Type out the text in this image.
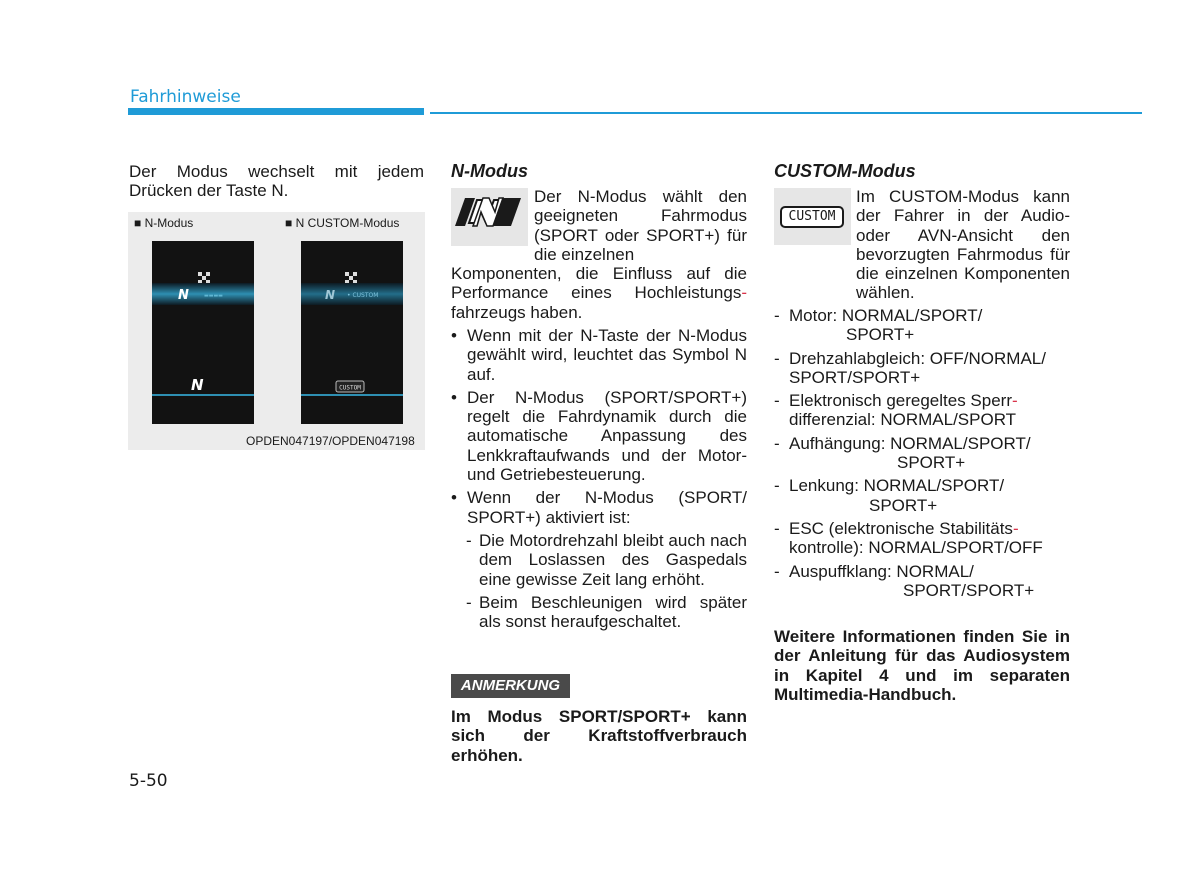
Fahrhinweise
Der Modus wechselt mit jedem Drücken der Taste N.
■ N-Modus	■ N CUSTOM-Modus
N	▬▬▬▬
N
N • CUSTOM
CUSTOM
OPDEN047197/OPDEN047198
N-Modus
Der N-Modus wählt den geeigneten Fahrmodus (SPORT oder SPORT+) für die einzelnen
Komponenten, die Einfluss auf die Performance eines Hochleistungs- fahrzeugs haben.
• Wenn mit der N-Taste der N-Modus gewählt wird, leuchtet das Symbol N auf.
• Der N-Modus (SPORT/SPORT+) regelt die Fahrdynamik durch die automatische Anpassung des Lenkkraftaufwands und der Motor- und Getriebesteuerung.
• Wenn der N-Modus (SPORT/ SPORT+) aktiviert ist:
- Die Motordrehzahl bleibt auch nach dem Loslassen des Gaspedals eine gewisse Zeit lang erhöht.
- Beim Beschleunigen wird später als sonst heraufgeschaltet.
ANMERKUNG
Im Modus SPORT/SPORT+ kann sich der Kraftstoffverbrauch erhöhen.
CUSTOM-Modus
CUSTOM
Im CUSTOM-Modus kann der Fahrer in der Audio- oder AVN-Ansicht den bevorzugten Fahrmodus für die einzelnen Komponenten wählen.
- Motor: NORMAL/SPORT/
SPORT+
- Drehzahlabgleich: OFF/NORMAL/
SPORT/SPORT+
- Elektronisch geregeltes Sperr-
differenzial: NORMAL/SPORT
- Aufhängung: NORMAL/SPORT/
SPORT+
- Lenkung: NORMAL/SPORT/
SPORT+
- ESC (elektronische Stabilitäts-
kontrolle): NORMAL/SPORT/OFF
- Auspuffklang: NORMAL/
SPORT/SPORT+
Weitere Informationen finden Sie in der Anleitung für das Audiosystem in Kapitel 4 und im separaten Multimedia-Handbuch.
5-50
